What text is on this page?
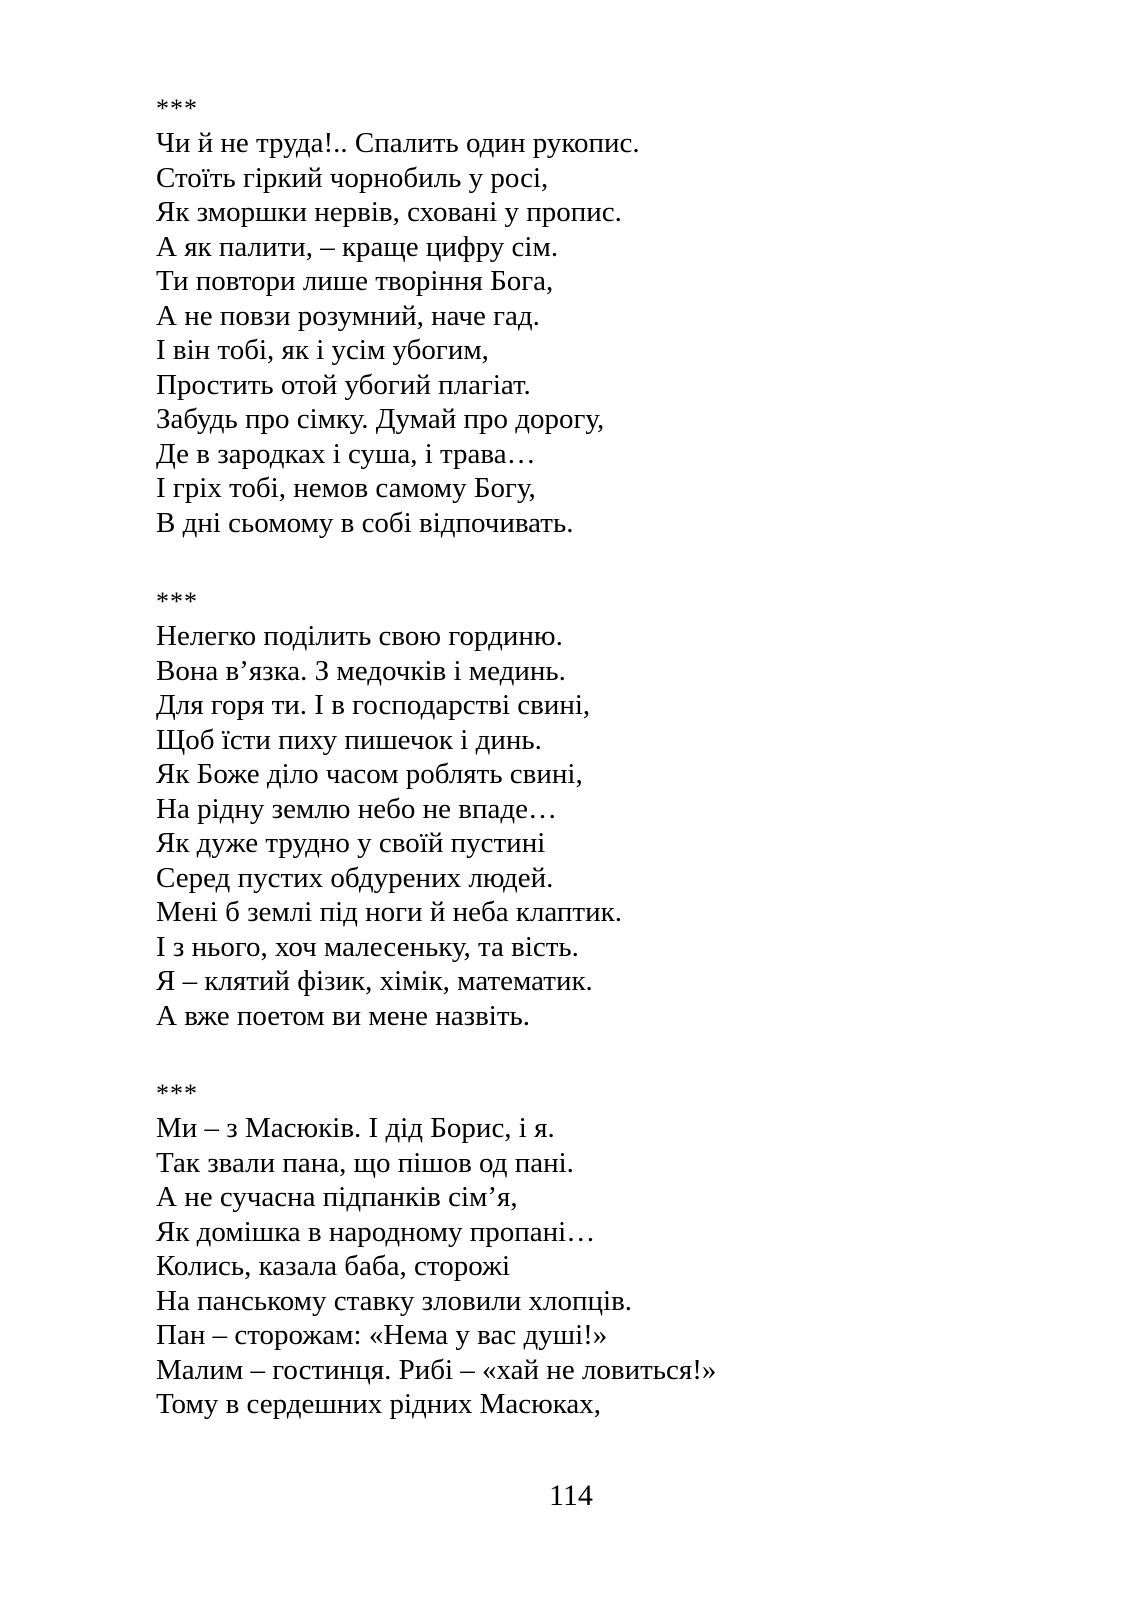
***
Чи й не труда!.. Спалить один рукопис.
Стоїть гіркий чорнобиль у росі,
Як зморшки нервів, сховані у пропис.
А як палити, – краще цифру сім.
Ти повтори лише творіння Бога,
А не повзи розумний, наче гад.
І він тобі, як і усім убогим,
Простить отой убогий плагіат.
Забудь про сімку. Думай про дорогу,
Де в зародках і суша, і трава…
І гріх тобі, немов самому Богу,
В дні сьомому в собі відпочивать.
***
Нелегко поділить свою гординю.
Вона в’язка. З медочків і мединь.
Для горя ти. І в господарстві свині,
Щоб їсти пиху пишечок і динь.
Як Боже діло часом роблять свині,
На рідну землю небо не впаде…
Як дуже трудно у своїй пустині
Серед пустих обдурених людей.
Мені б землі під ноги й неба клаптик.
І з нього, хоч малесеньку, та вість.
Я – клятий фізик, хімік, математик.
А вже поетом ви мене назвіть.
***
Ми – з Масюків. І дід Борис, і я.
Так звали пана, що пішов од пані.
А не сучасна підпанків сім’я,
Як домішка в народному пропані…
Колись, казала баба, сторожі
На панському ставку зловили хлопців.
Пан – сторожам: «Нема у вас душі!»
Малим – гостинця. Рибі – «хай не ловиться!»
Тому в сердешних рідних Масюках,
114
